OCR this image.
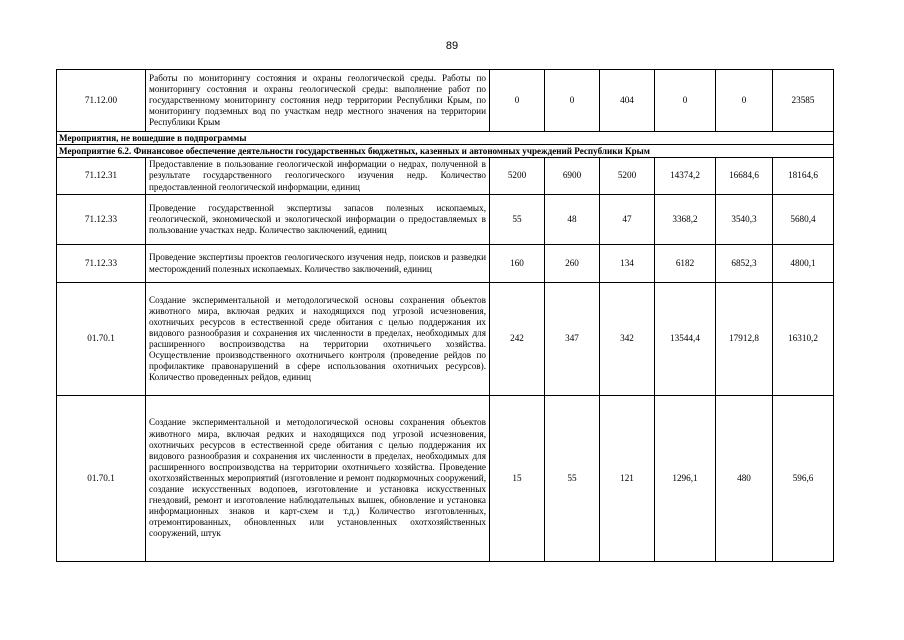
89
71.12.00	Работы по мониторингу состояния и охраны геологической среды. Работы по мониторингу состояния и охраны геологической среды: выполнение работ по государственному мониторингу состояния недр территории Республики Крым, по мониторингу подземных вод по участкам недр местного значения на территории Республики Крым	0	0	404	0	0	23585
Мероприятия, не вошедшие в подпрограммы							
Мероприятие 6.2. Финансовое обеспечение деятельности государственных бюджетных, казенных и автономных учреждений Республики Крым							
71.12.31	Предоставление в пользование геологической информации о недрах, полученной в результате государственного геологического изучения недр. Количество предоставленной геологической информации, единиц	5200	6900	5200	14374,2	16684,6	18164,6
71.12.33	Проведение государственной экспертизы запасов полезных ископаемых, геологической, экономической и экологической информации о предоставляемых в пользование участках недр. Количество заключений, единиц	55	48	47	3368,2	3540,3	5680,4
71.12.33	Проведение экспертизы проектов геологического изучения недр, поисков и разведки месторождений полезных ископаемых. Количество заключений, единиц	160	260	134	6182	6852,3	4800,1
01.70.1	Создание экспериментальной и методологической основы сохранения объектов животного мира, включая редких и находящихся под угрозой исчезновения, охотничьих ресурсов в естественной среде обитания с целью поддержания их видового разнообразия и сохранения их численности в пределах, необходимых для расширенного воспроизводства на территории охотничьего хозяйства. Осуществление производственного охотничьего контроля (проведение рейдов по профилактике правонарушений в сфере использования охотничьих ресурсов). Количество проведенных рейдов, единиц	242	347	342	13544,4	17912,8	16310,2
01.70.1	Создание экспериментальной и методологической основы сохранения объектов животного мира, включая редких и находящихся под угрозой исчезновения, охотничьих ресурсов в естественной среде обитания с целью поддержания их видового разнообразия и сохранения их численности в пределах, необходимых для расширенного воспроизводства на территории охотничьего хозяйства. Проведение охотхозяйственных мероприятий (изготовление и ремонт подкормочных сооружений, создание искусственных водопоев, изготовление и установка искусственных гнездовий, ремонт и изготовление наблюдательных вышек, обновление и установка информационных знаков и карт-схем и т.д.) Количество изготовленных, отремонтированных, обновленных или установленных охотхозяйственных сооружений, штук	15	55	121	1296,1	480	596,6
